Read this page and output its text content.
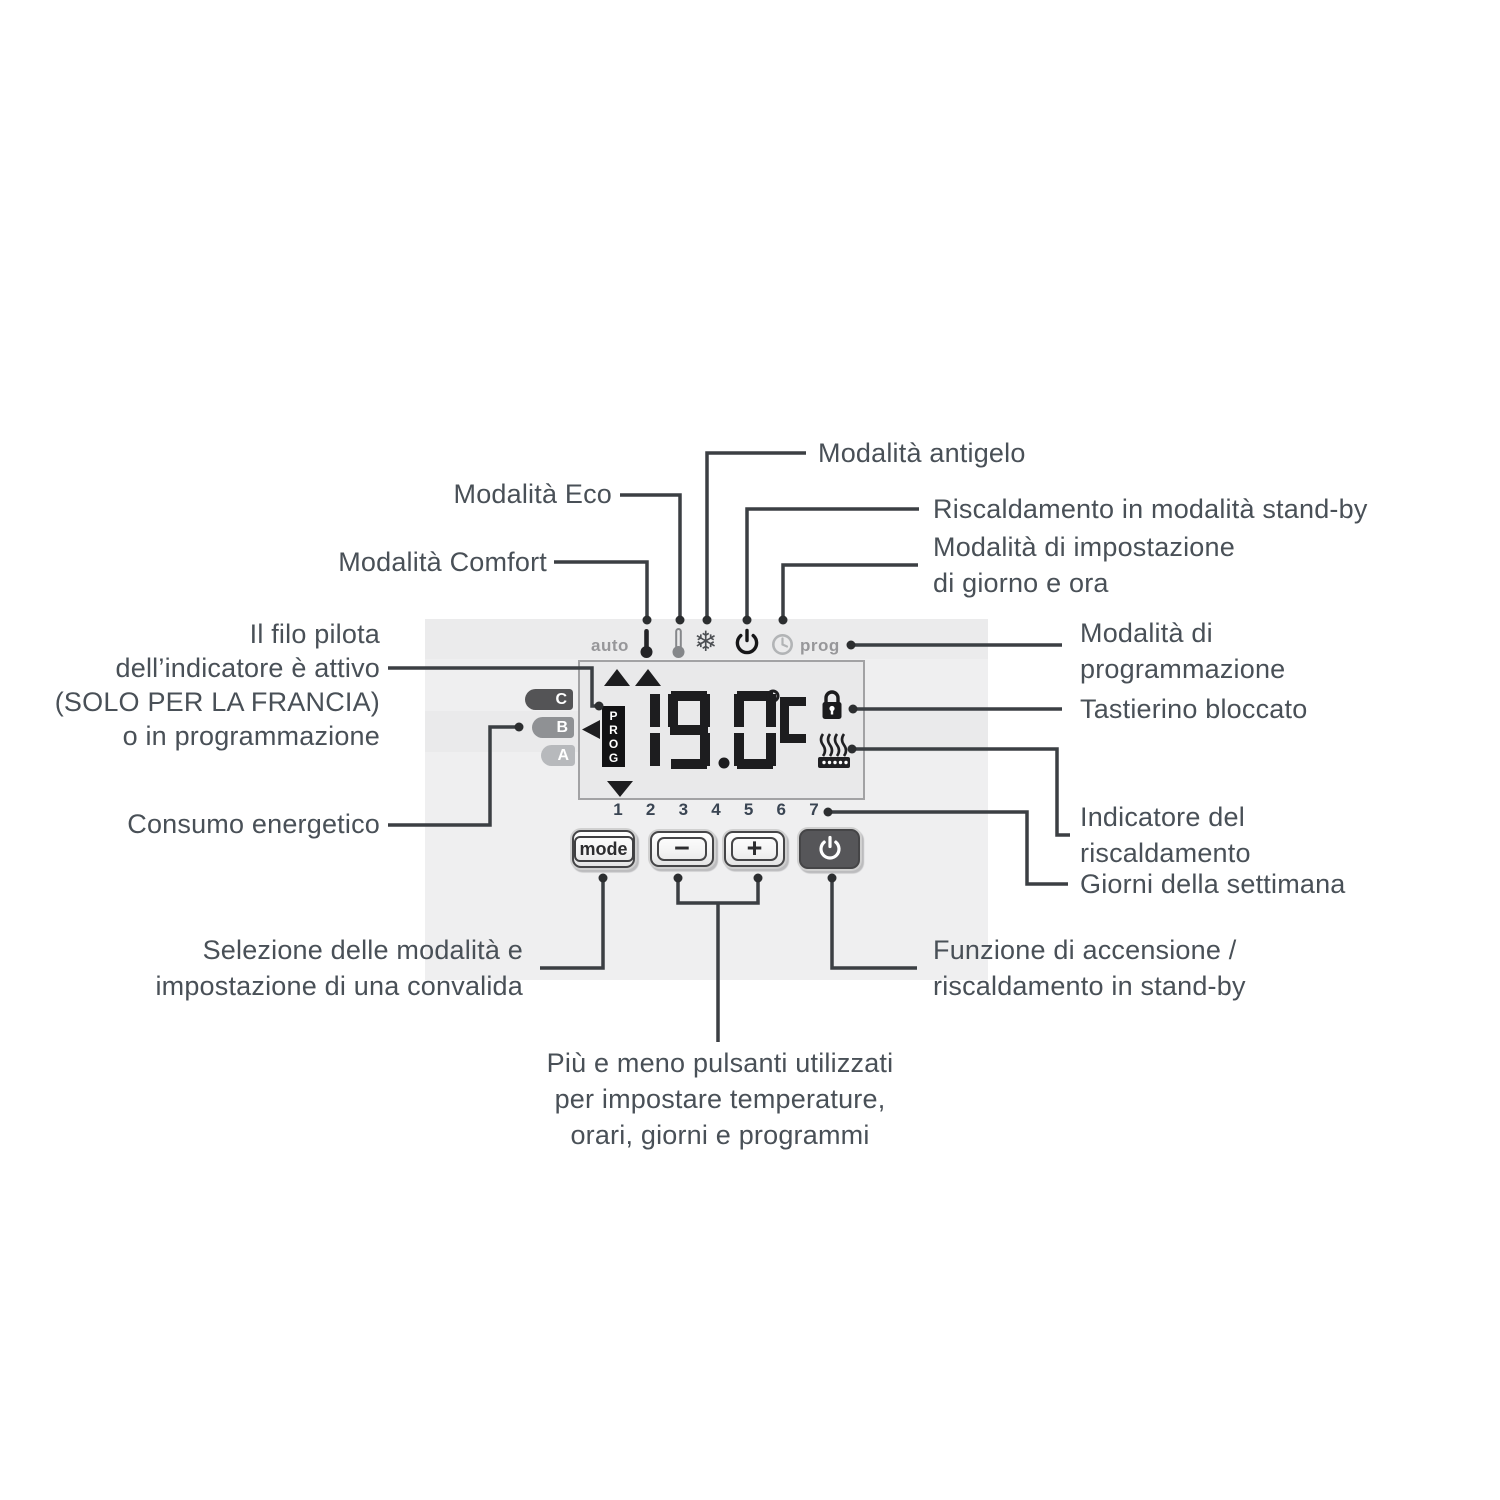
auto ❄	prog
P
R
O
G
C
B
A
1 2 3 4 5 6 7
mode − +
Modalità antigelo
Modalità Eco
Modalità Comfort
Riscaldamento in modalità stand-by
Modalità di impostazione
di giorno e ora
Modalità di
programmazione
Tastierino bloccato
Il filo pilota
dell’indicatore è attivo
(SOLO PER LA FRANCIA)
o in programmazione
Consumo energetico	Indicatore del
riscaldamento
Giorni della settimana
Selezione delle modalità e
impostazione di una convalida
Funzione di accensione /
riscaldamento in stand-by
Più e meno pulsanti utilizzati
per impostare temperature,
orari, giorni e programmi
